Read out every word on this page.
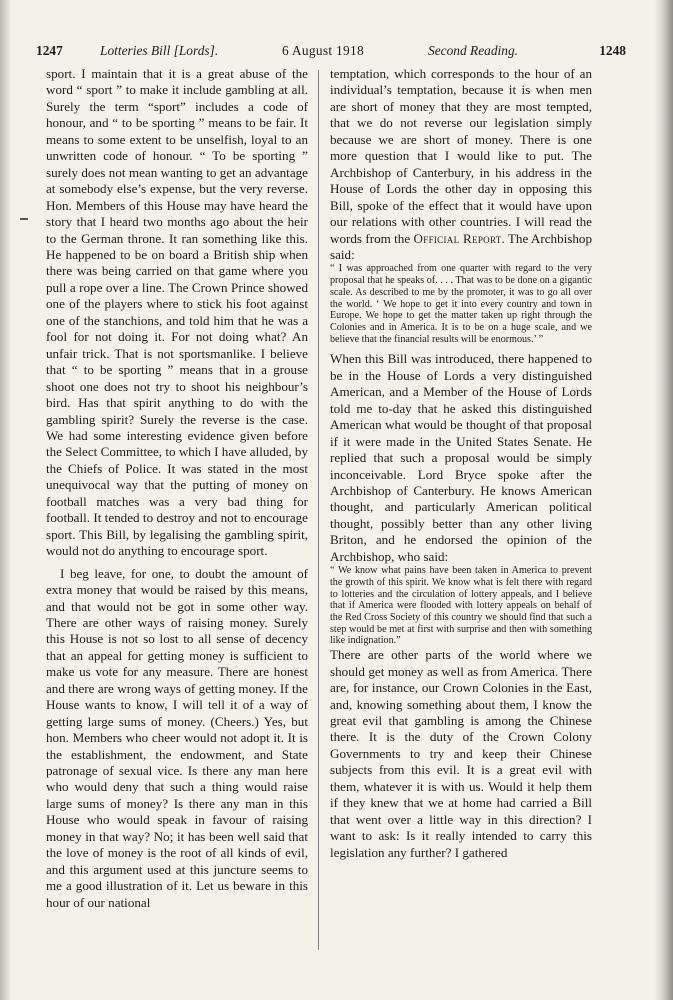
1247	Lotteries Bill [Lords].	6 August 1918	Second Reading.	1248

sport. I maintain that it is a great abuse of the word “ sport ” to make it include gambling at all. Surely the term “sport” includes a code of honour, and “ to be sporting ” means to be fair. It means to some extent to be unselfish, loyal to an unwritten code of honour. “ To be sporting ” surely does not mean wanting to get an advantage at somebody else’s expense, but the very reverse. Hon. Members of this House may have heard the story that I heard two months ago about the heir to the German throne. It ran something like this. He happened to be on board a British ship when there was being carried on that game where you pull a rope over a line. The Crown Prince showed one of the players where to stick his foot against one of the stanchions, and told him that he was a fool for not doing it. For not doing what? An unfair trick. That is not sportsmanlike. I believe that “ to be sporting ” means that in a grouse shoot one does not try to shoot his neighbour’s bird. Has that spirit anything to do with the gambling spirit? Surely the reverse is the case. We had some interesting evidence given before the Select Committee, to which I have alluded, by the Chiefs of Police. It was stated in the most unequivocal way that the putting of money on football matches was a very bad thing for football. It tended to destroy and not to encourage sport. This Bill, by legalising the gambling spirit, would not do anything to encourage sport.

I beg leave, for one, to doubt the amount of extra money that would be raised by this means, and that would not be got in some other way. There are other ways of raising money. Surely this House is not so lost to all sense of decency that an appeal for getting money is sufficient to make us vote for any measure. There are honest and there are wrong ways of getting money. If the House wants to know, I will tell it of a way of getting large sums of money. (Cheers.) Yes, but hon. Members who cheer would not adopt it. It is the establishment, the endowment, and State patronage of sexual vice. Is there any man here who would deny that such a thing would raise large sums of money? Is there any man in this House who would speak in favour of raising money in that way? No; it has been well said that the love of money is the root of all kinds of evil, and this argument used at this juncture seems to me a good illustration of it. Let us beware in this hour of our national

temptation, which corresponds to the hour of an individual’s temptation, because it is when men are short of money that they are most tempted, that we do not reverse our legislation simply because we are short of money. There is one more question that I would like to put. The Archbishop of Canterbury, in his address in the House of Lords the other day in opposing this Bill, spoke of the effect that it would have upon our relations with other countries. I will read the words from the Official Report. The Archbishop said:

“ I was approached from one quarter with regard to the very proposal that he speaks of. . . . That was to be done on a gigantic scale. As described to me by the promoter, it was to go all over the world. ‘ We hope to get it into every country and town in Europe. We hope to get the matter taken up right through the Colonies and in America. It is to be on a huge scale, and we believe that the financial results will be enormous.’ ”

When this Bill was introduced, there happened to be in the House of Lords a very distinguished American, and a Member of the House of Lords told me to-day that he asked this distinguished American what would be thought of that proposal if it were made in the United States Senate. He replied that such a proposal would be simply inconceivable. Lord Bryce spoke after the Archbishop of Canterbury. He knows American thought, and particularly American political thought, possibly better than any other living Briton, and he endorsed the opinion of the Archbishop, who said:

“ We know what pains have been taken in America to prevent the growth of this spirit. We know what is felt there with regard to lotteries and the circulation of lottery appeals, and I believe that if America were flooded with lottery appeals on behalf of the Red Cross Society of this country we should find that such a step would be met at first with surprise and then with something like indignation.”

There are other parts of the world where we should get money as well as from America. There are, for instance, our Crown Colonies in the East, and, knowing something about them, I know the great evil that gambling is among the Chinese there. It is the duty of the Crown Colony Governments to try and keep their Chinese subjects from this evil. It is a great evil with them, whatever it is with us. Would it help them if they knew that we at home had carried a Bill that went over a little way in this direction? I want to ask: Is it really intended to carry this legislation any further? I gathered
